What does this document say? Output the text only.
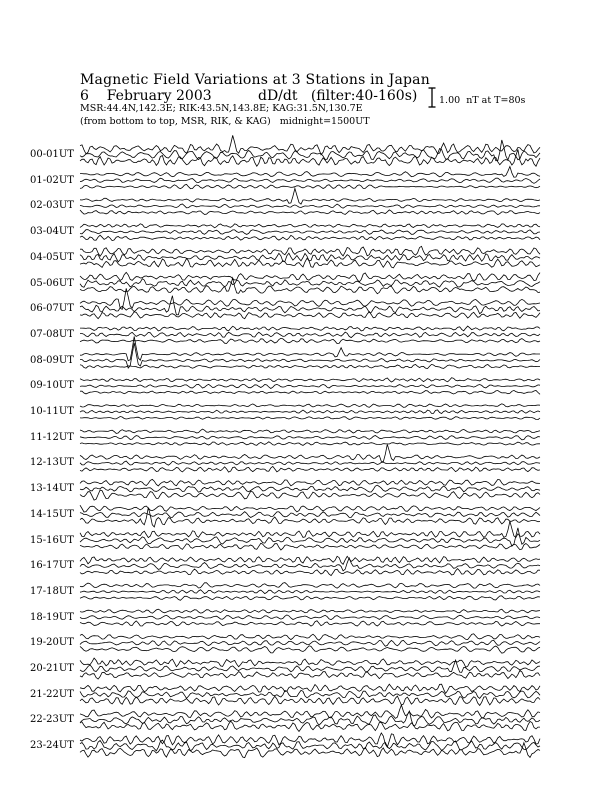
Magnetic Field Variations at 3 Stations in Japan
6    February 2003	dD/dt   (filter:40-160s)
MSR:44.4N,142.3E; RIK:43.5N,143.8E; KAG:31.5N,130.7E
(from bottom to top, MSR, RIK, & KAG)   midnight=1500UT
1.00  nT at T=80s
00-01UT
01-02UT
02-03UT
03-04UT
04-05UT
05-06UT
06-07UT
07-08UT
08-09UT
09-10UT
10-11UT
11-12UT
12-13UT
13-14UT
14-15UT
15-16UT
16-17UT
17-18UT
18-19UT
19-20UT
20-21UT
21-22UT
22-23UT
23-24UT
